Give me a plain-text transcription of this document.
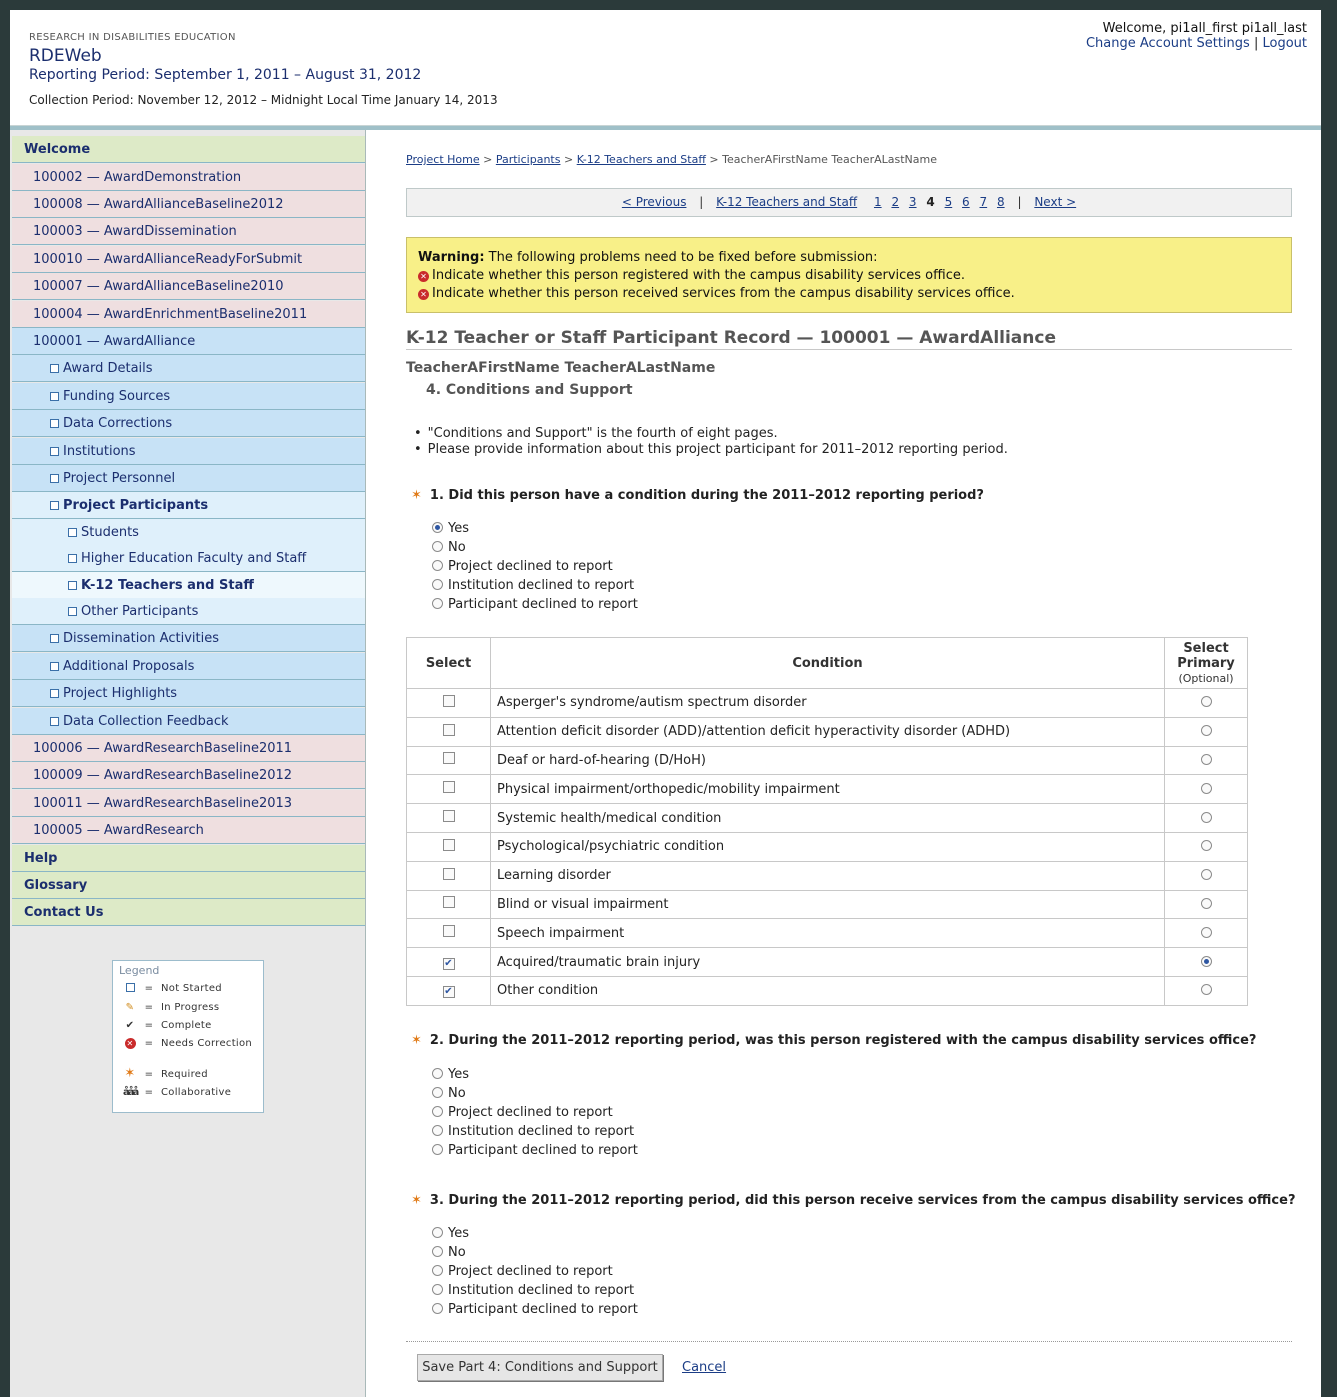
RESEARCH IN DISABILITIES EDUCATION
RDEWeb
Reporting Period: September 1, 2011 – August 31, 2012
Collection Period: November 12, 2012 – Midnight Local Time January 14, 2013
Welcome, pi1all_first pi1all_last
Change Account Settings | Logout
Welcome
100002 — AwardDemonstration
100008 — AwardAllianceBaseline2012
100003 — AwardDissemination
100010 — AwardAllianceReadyForSubmit
100007 — AwardAllianceBaseline2010
100004 — AwardEnrichmentBaseline2011
100001 — AwardAlliance
Award Details
Funding Sources
Data Corrections
Institutions
Project Personnel
Project Participants
Students
Higher Education Faculty and Staff
K-12 Teachers and Staff
Other Participants
Dissemination Activities
Additional Proposals
Project Highlights
Data Collection Feedback
100006 — AwardResearchBaseline2011
100009 — AwardResearchBaseline2012
100011 — AwardResearchBaseline2013
100005 — AwardResearch
Help
Glossary
Contact Us
Legend
= Not Started
✎ = In Progress
✔ = Complete
✕ = Needs Correction
✶ = Required
ååå = Collaborative
Project Home > Participants > K-12 Teachers and Staff > TeacherAFirstName TeacherALastName
< Previous | K-12 Teachers and Staff 1 2 3 4 5 6 7 8 | Next >
Warning: The following problems need to be fixed before submission:
✕ Indicate whether this person registered with the campus disability services office.
✕ Indicate whether this person received services from the campus disability services office.
K-12 Teacher or Staff Participant Record — 100001 — AwardAlliance
TeacherAFirstName TeacherALastName
4. Conditions and Support
• "Conditions and Support" is the fourth of eight pages.
• Please provide information about this project participant for 2011–2012 reporting period.
✶ 1. Did this person have a condition during the 2011–2012 reporting period?
Yes
No
Project declined to report
Institution declined to report
Participant declined to report
Select	Condition	Select Primary
(Optional)
	Asperger's syndrome/autism spectrum disorder	
	Attention deficit disorder (ADD)/attention deficit hyperactivity disorder (ADHD)	
	Deaf or hard-of-hearing (D/HoH)	
	Physical impairment/orthopedic/mobility impairment	
	Systemic health/medical condition	
	Psychological/psychiatric condition	
	Learning disorder	
	Blind or visual impairment	
	Speech impairment	
✔	Acquired/traumatic brain injury	
✔	Other condition	
✶ 2. During the 2011–2012 reporting period, was this person registered with the campus disability services office?
Yes
No
Project declined to report
Institution declined to report
Participant declined to report
✶ 3. During the 2011–2012 reporting period, did this person receive services from the campus disability services office?
Yes
No
Project declined to report
Institution declined to report
Participant declined to report
Save Part 4: Conditions and Support	Cancel
